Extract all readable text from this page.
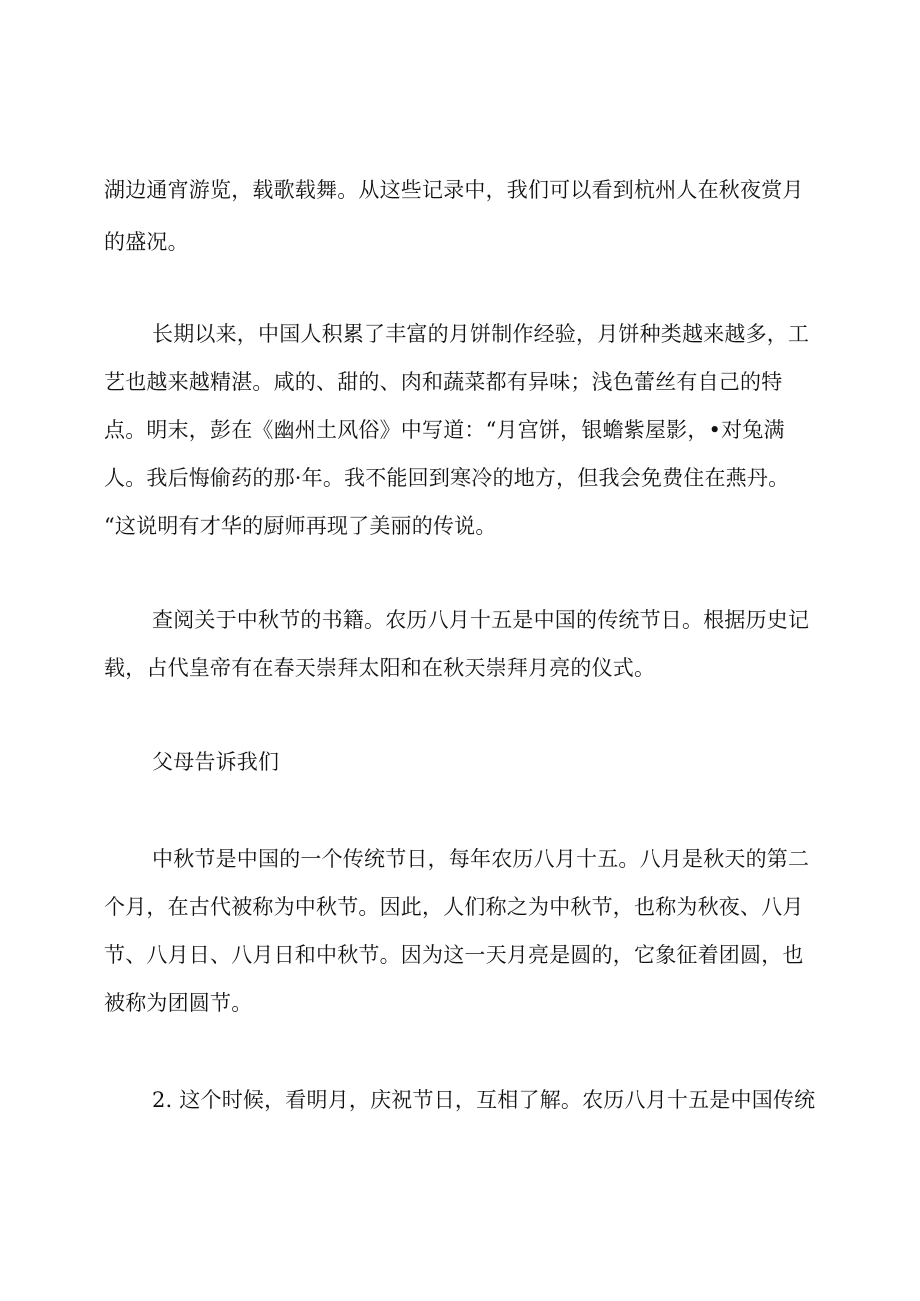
湖边通宵游览，载歌载舞。从这些记录中，我们可以看到杭州人在秋夜赏月
的盛况。
长期以来，中国人积累了丰富的月饼制作经验，月饼种类越来越多，工
艺也越来越精湛。咸的、甜的、肉和蔬菜都有异味；浅色蕾丝有自己的特
点。明末，彭在《幽州土风俗》中写道：“月宫饼，银蟾紫屋影，•对兔满
人。我后悔偷药的那·年。我不能回到寒冷的地方，但我会免费住在燕丹。
“这说明有才华的厨师再现了美丽的传说。
查阅关于中秋节的书籍。农历八月十五是中国的传统节日。根据历史记
载，占代皇帝有在春天崇拜太阳和在秋天崇拜月亮的仪式。
父母告诉我们
中秋节是中国的一个传统节日，每年农历八月十五。八月是秋天的第二
个月，在古代被称为中秋节。因此，人们称之为中秋节，也称为秋夜、八月
节、八月日、八月日和中秋节。因为这一天月亮是圆的，它象征着团圆，也
被称为团圆节。
2. 这个时候，看明月，庆祝节日，互相了解。农历八月十五是中国传统
